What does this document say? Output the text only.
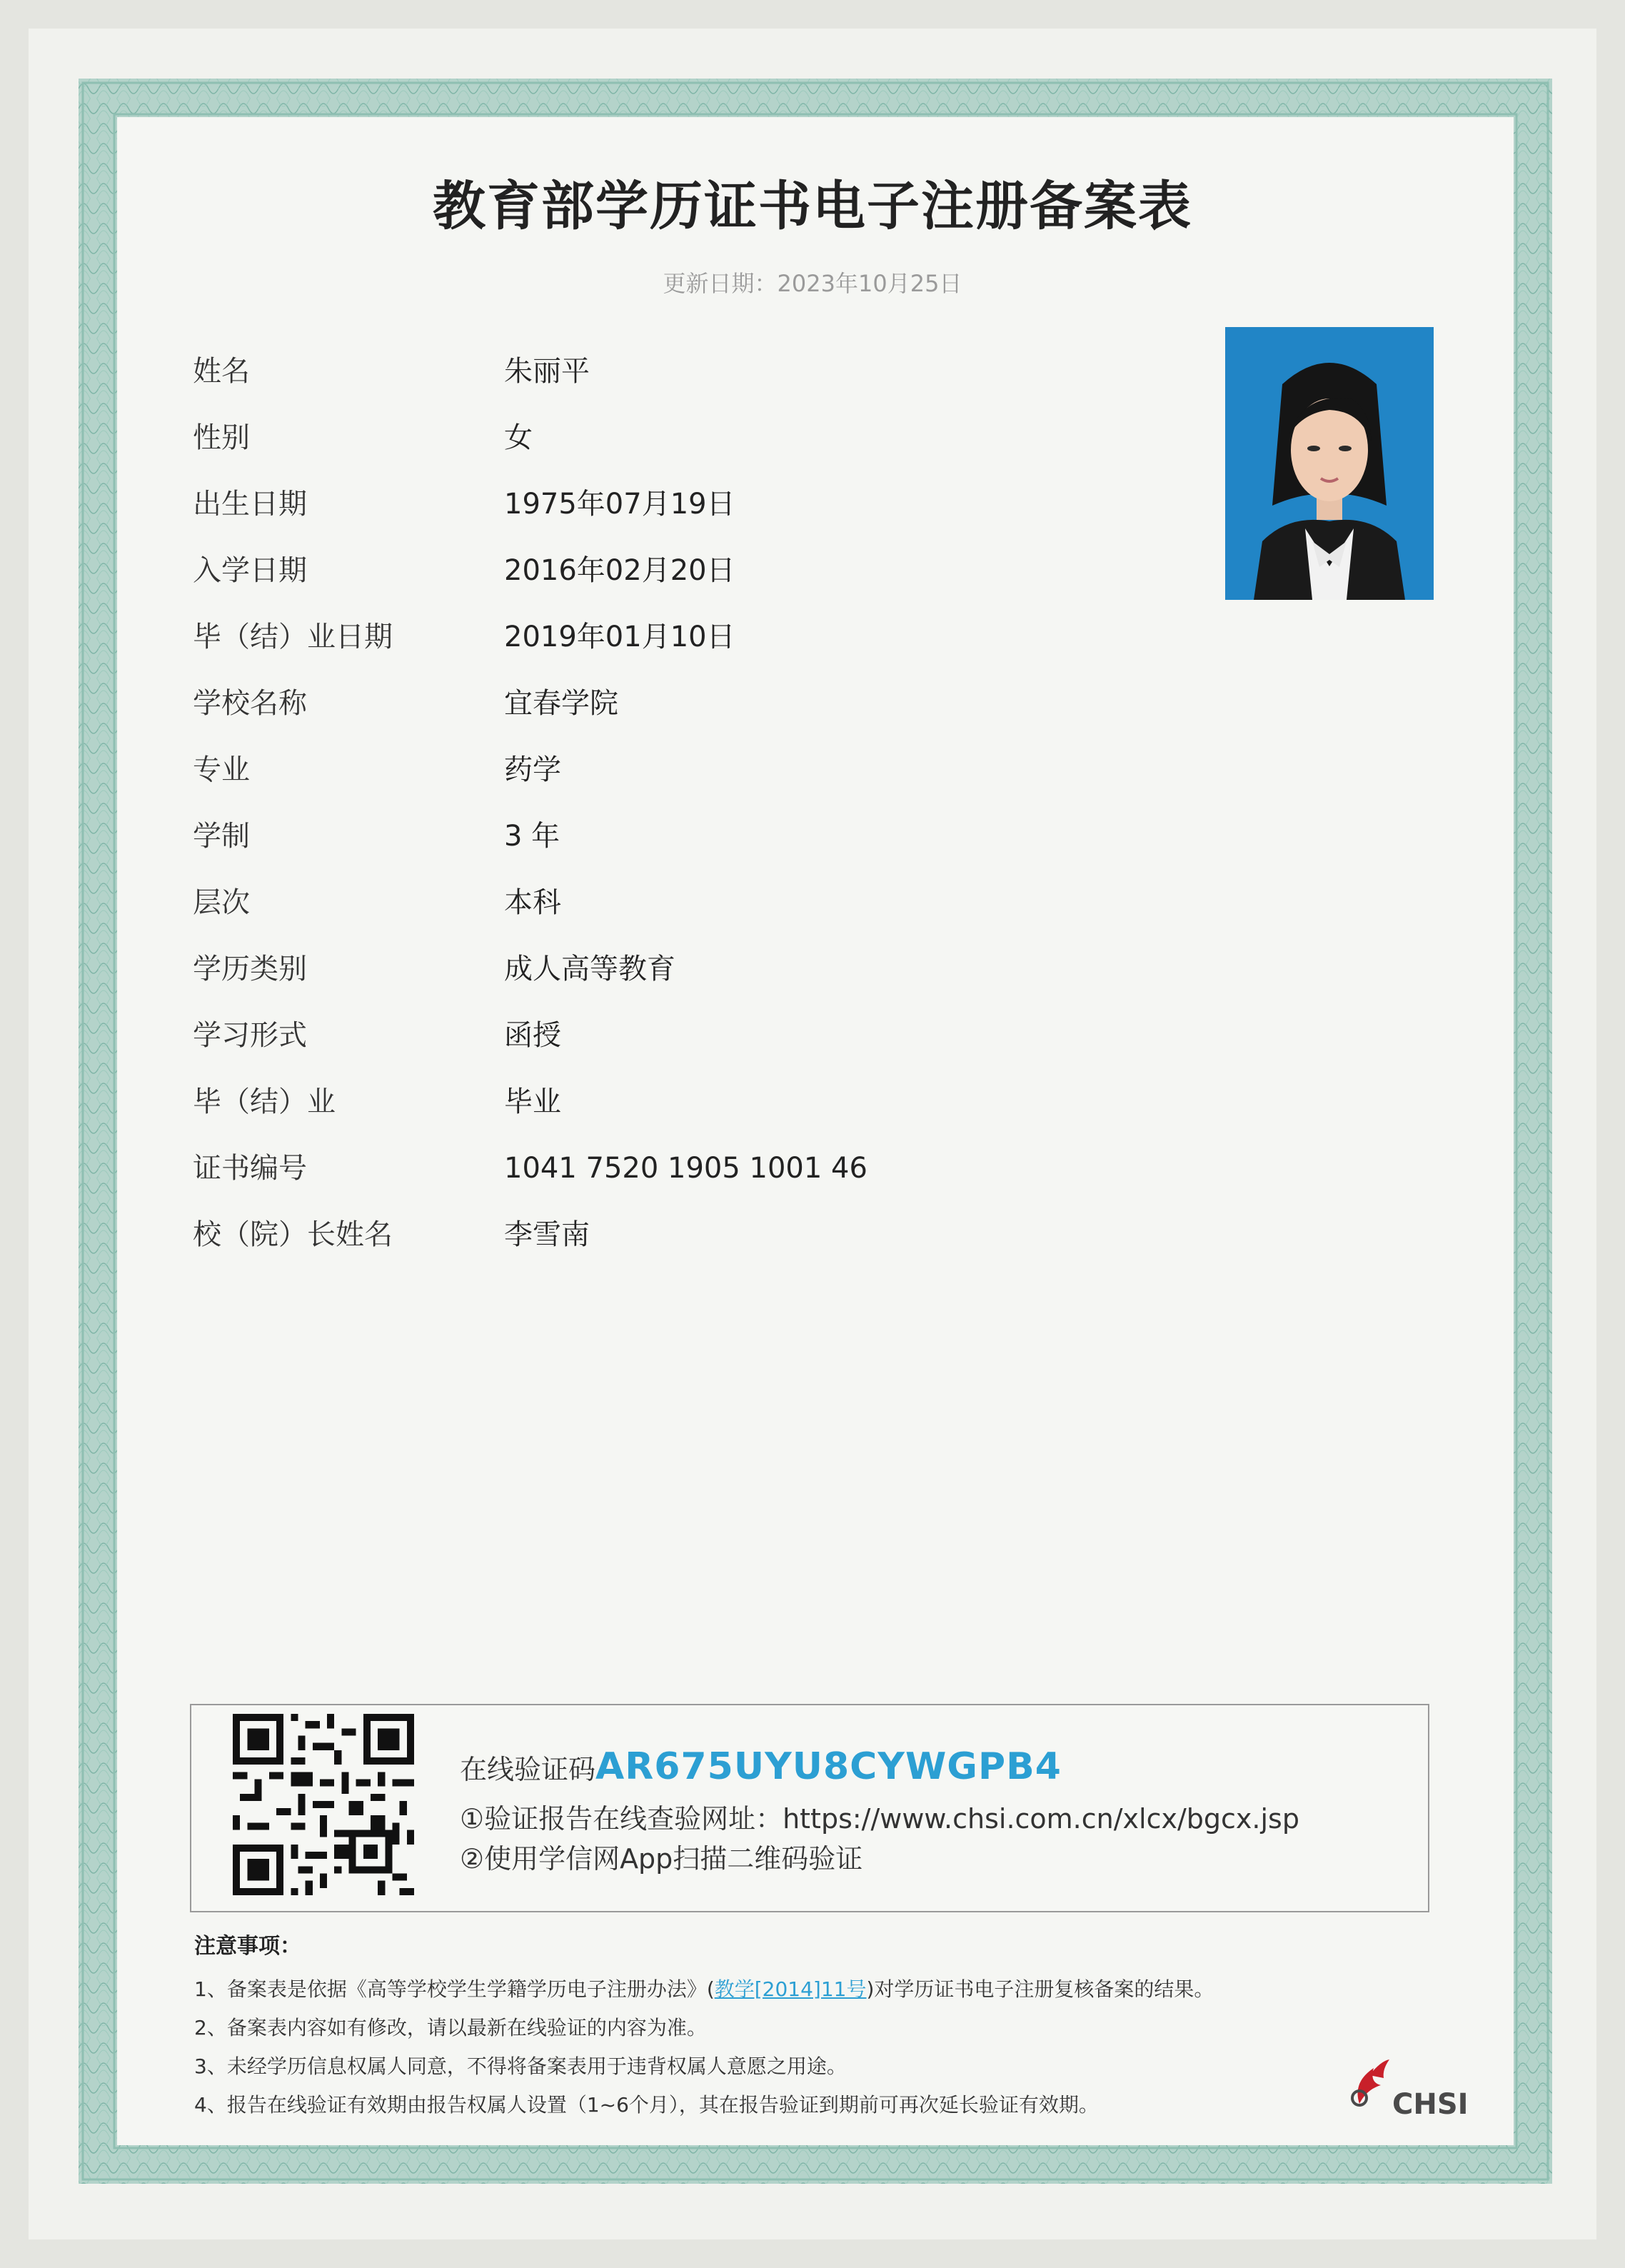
教育部学历证书电子注册备案表
更新日期：2023年10月25日
姓名	朱丽平
性别	女
出生日期	1975年07月19日
入学日期	2016年02月20日
毕（结）业日期	2019年01月10日
学校名称	宜春学院
专业	药学
学制	3 年
层次	本科
学历类别	成人高等教育
学习形式	函授
毕（结）业	毕业
证书编号	1041 7520 1905 1001 46
校（院）长姓名	李雪南
在线验证码AR675UYU8CYWGPB4
①验证报告在线查验网址：https://www.chsi.com.cn/xlcx/bgcx.jsp
②使用学信网App扫描二维码验证
注意事项：
1、备案表是依据《高等学校学生学籍学历电子注册办法》(教学[2014]11号)对学历证书电子注册复核备案的结果。
2、备案表内容如有修改，请以最新在线验证的内容为准。
3、未经学历信息权属人同意，不得将备案表用于违背权属人意愿之用途。
4、报告在线验证有效期由报告权属人设置（1~6个月），其在报告验证到期前可再次延长验证有效期。	CHSI
